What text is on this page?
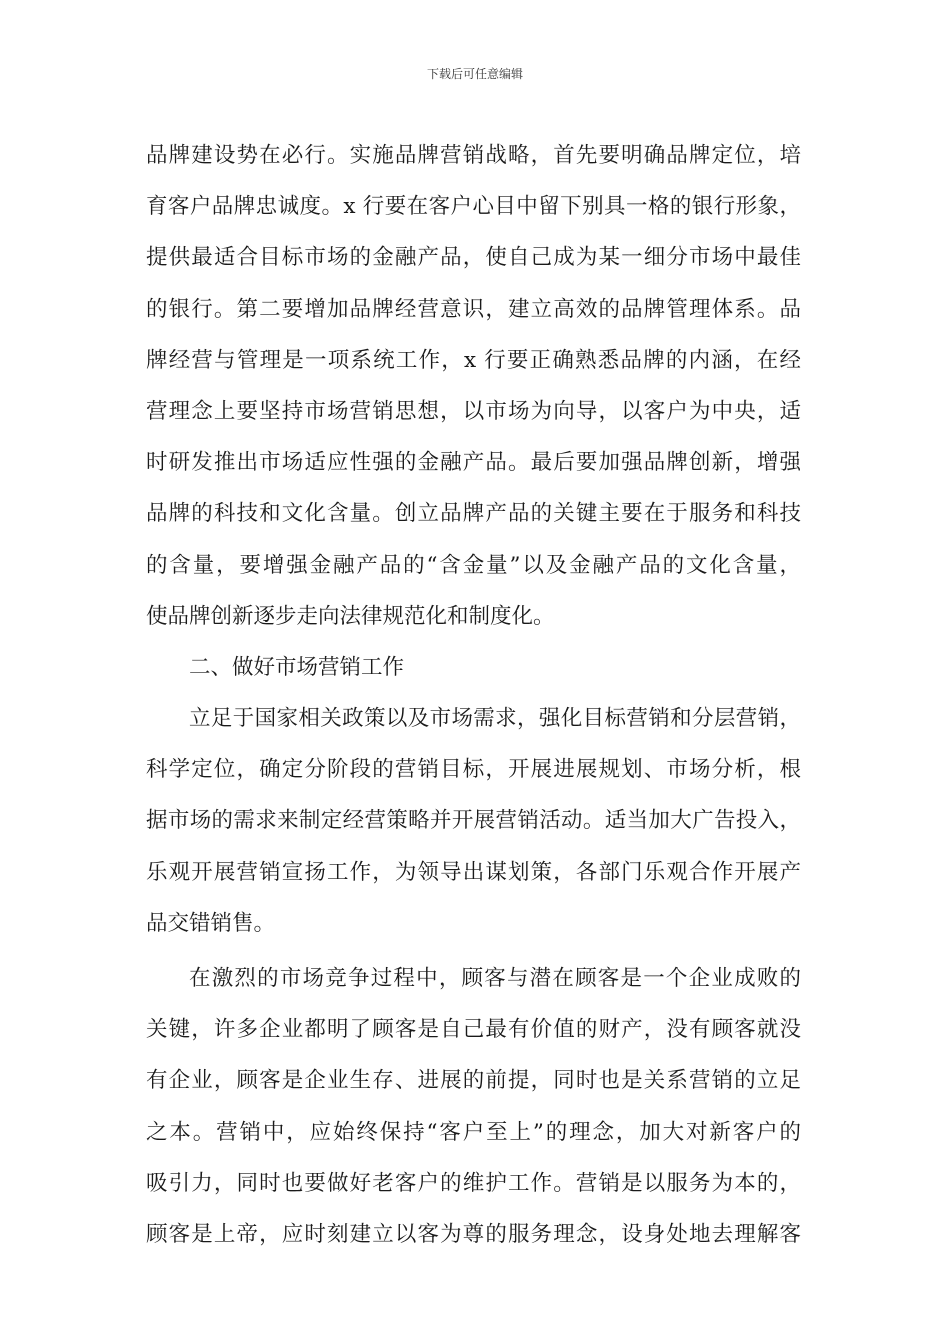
下载后可任意编辑
品牌建设势在必行。实施品牌营销战略，首先要明确品牌定位，培
育客户品牌忠诚度。x 行要在客户心目中留下别具一格的银行形象，
提供最适合目标市场的金融产品，使自己成为某一细分市场中最佳
的银行。第二要增加品牌经营意识，建立高效的品牌管理体系。品
牌经营与管理是一项系统工作，x 行要正确熟悉品牌的内涵，在经
营理念上要坚持市场营销思想，以市场为向导，以客户为中央，适
时研发推出市场适应性强的金融产品。最后要加强品牌创新，增强
品牌的科技和文化含量。创立品牌产品的关键主要在于服务和科技
的含量，要增强金融产品的“含金量”以及金融产品的文化含量，
使品牌创新逐步走向法律规范化和制度化。
二、做好市场营销工作
立足于国家相关政策以及市场需求，强化目标营销和分层营销，
科学定位，确定分阶段的营销目标，开展进展规划、市场分析，根
据市场的需求来制定经营策略并开展营销活动。适当加大广告投入，
乐观开展营销宣扬工作，为领导出谋划策，各部门乐观合作开展产
品交错销售。
在激烈的市场竞争过程中，顾客与潜在顾客是一个企业成败的
关键，许多企业都明了顾客是自己最有价值的财产，没有顾客就没
有企业，顾客是企业生存、进展的前提，同时也是关系营销的立足
之本。营销中，应始终保持“客户至上”的理念，加大对新客户的
吸引力，同时也要做好老客户的维护工作。营销是以服务为本的，
顾客是上帝，应时刻建立以客为尊的服务理念，设身处地去理解客
